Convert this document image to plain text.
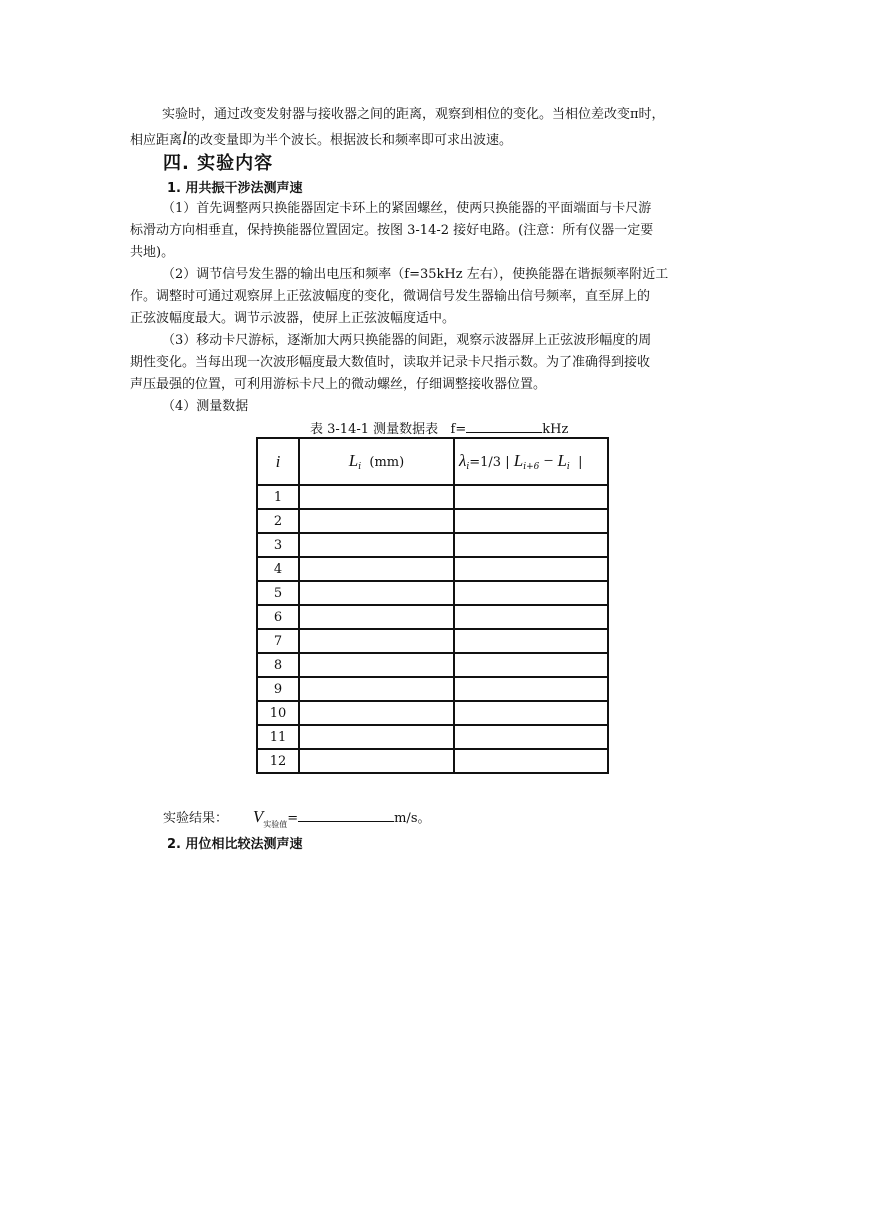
实验时，通过改变发射器与接收器之间的距离，观察到相位的变化。当相位差改变π时，
相应距离l的改变量即为半个波长。根据波长和频率即可求出波速。
四. 实验内容
1. 用共振干涉法测声速
（1）首先调整两只换能器固定卡环上的紧固螺丝，使两只换能器的平面端面与卡尺游
标滑动方向相垂直，保持换能器位置固定。按图 3-14-2 接好电路。(注意：所有仪器一定要
共地)。
（2）调节信号发生器的输出电压和频率（f=35kHz 左右），使换能器在谐振频率附近工
作。调整时可通过观察屏上正弦波幅度的变化，微调信号发生器输出信号频率，直至屏上的
正弦波幅度最大。调节示波器，使屏上正弦波幅度适中。
（3）移动卡尺游标，逐渐加大两只换能器的间距，观察示波器屏上正弦波形幅度的周
期性变化。当每出现一次波形幅度最大数值时，读取并记录卡尺指示数。为了准确得到接收
声压最强的位置，可利用游标卡尺上的微动螺丝，仔细调整接收器位置。
（4）测量数据
表 3-14-1 测量数据表 f=	kHz
i	$L_i$ (mm)	$\lambda_i=1/3$ | $L_{i+6} - L_i$ |
1		
2		
3		
4		
5		
6		
7		
8		
9		
10		
11		
12		
实验结果： $V_{实验值}=$	m/s。
2. 用位相比较法测声速
